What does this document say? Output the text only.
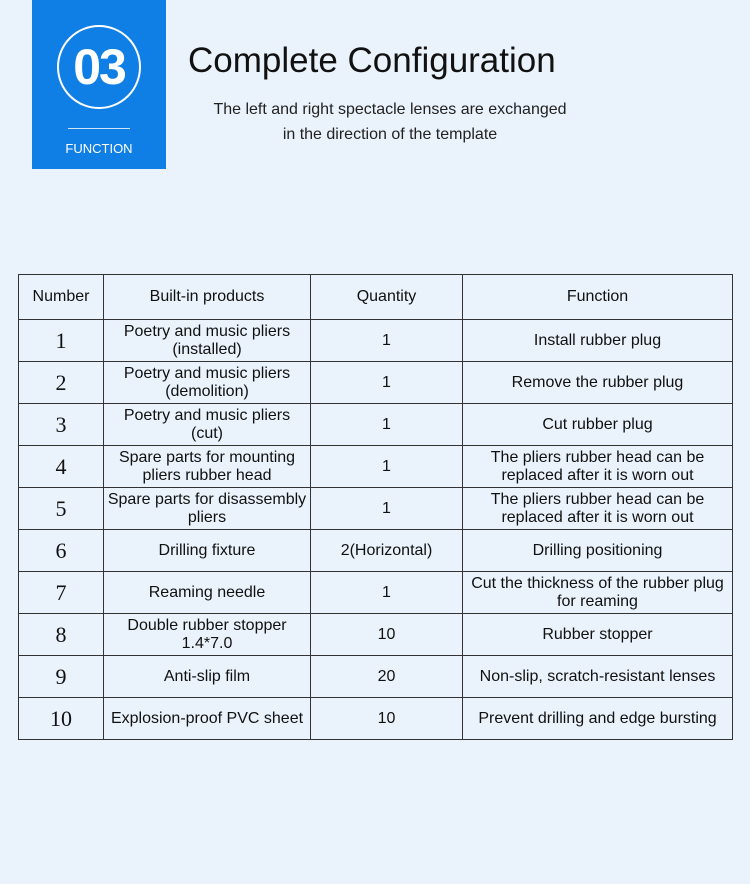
03
FUNCTION
Complete Configuration
The left and right spectacle lenses are exchanged
in the direction of the template
Number	Built-in products	Quantity	Function
1	Poetry and music pliers (installed)	1	Install rubber plug
2	Poetry and music pliers (demolition)	1	Remove the rubber plug
3	Poetry and music pliers (cut)	1	Cut rubber plug
4	Spare parts for mounting pliers rubber head	1	The pliers rubber head can be replaced after it is worn out
5	Spare parts for disassembly pliers	1	The pliers rubber head can be replaced after it is worn out
6	Drilling fixture	2(Horizontal)	Drilling positioning
7	Reaming needle	1	Cut the thickness of the rubber plug for reaming
8	Double rubber stopper 1.4*7.0	10	Rubber stopper
9	Anti-slip film	20	Non-slip, scratch-resistant lenses
10	Explosion-proof PVC sheet	10	Prevent drilling and edge bursting
